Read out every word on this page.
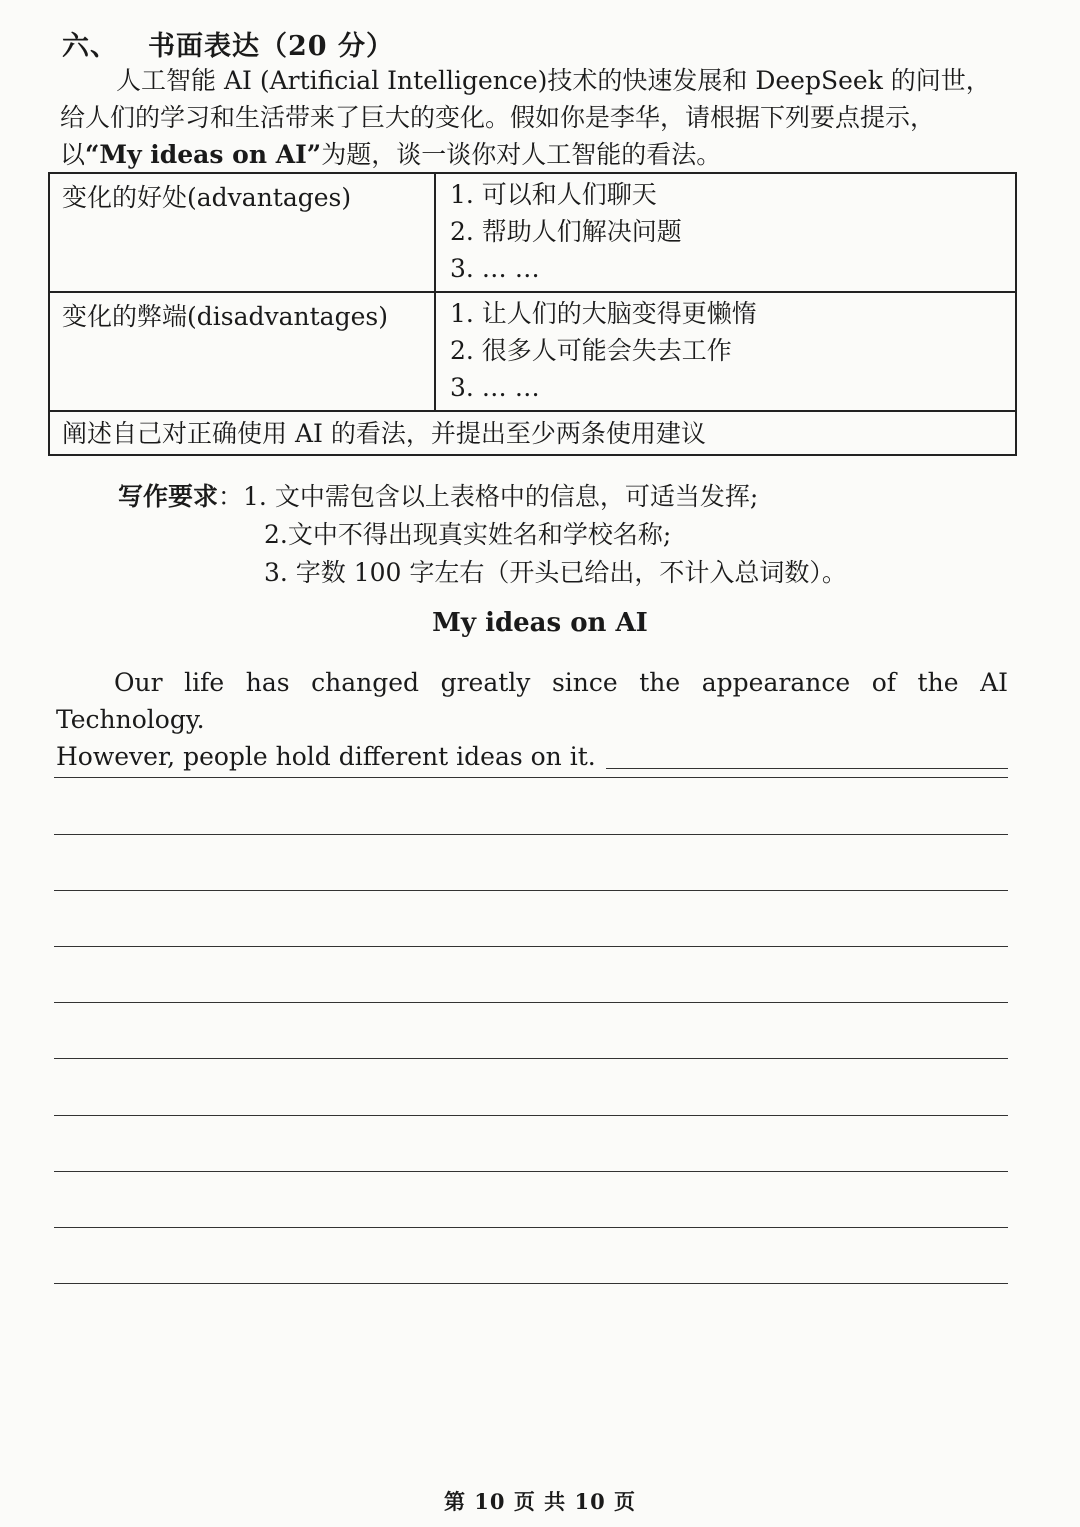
六、 书面表达（20 分）

人工智能 AI (Artificial Intelligence)技术的快速发展和 DeepSeek 的问世，

给人们的学习和生活带来了巨大的变化。假如你是李华，请根据下列要点提示，

以“My ideas on AI”为题，谈一谈你对人工智能的看法。

变化的好处(advantages)	1. 可以和人们聊天
2. 帮助人们解决问题
3. … …

变化的弊端(disadvantages)	1. 让人们的大脑变得更懒惰
2. 很多人可能会失去工作
3. … …

阐述自己对正确使用 AI 的看法，并提出至少两条使用建议	
写作要求：1. 文中需包含以上表格中的信息，可适当发挥;
2.文中不得出现真实姓名和学校名称;
3. 字数 100 字左右（开头已给出，不计入总词数）。
My ideas on AI
Our life has changed greatly since the appearance of the AI Technology.
However, people hold different ideas on it.
第 10 页 共 10 页
